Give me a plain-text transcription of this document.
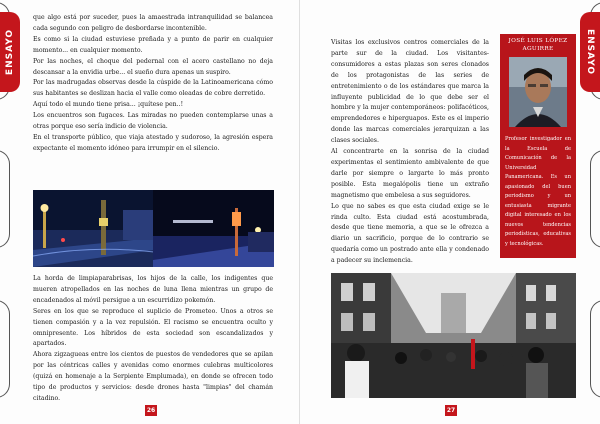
ENSAYO

que algo está por suceder, pues la amaestrada intranquilidad se balancea cada segundo con peligro de desbordarse incontenible.

Es como si la ciudad estuviese preñada y a punto de parir en cualquier momento... en cualquier momento.

Por las noches, el choque del pedernal con el acero castellano no deja descansar a la envidia urbe... el sueño dura apenas un suspiro.

Por las madrugadas observas desde la cúspide de la Latinoamericana cómo sus habitantes se deslizan hacia el valle como oleadas de cobre derretido.

Aquí todo el mundo tiene prisa... ¡quítese pen..!

Los encuentros son fugaces. Las miradas no pueden contemplarse unas a otras porque eso sería indicio de violencia.

En el transporte público, que viaja atestado y sudoroso, la agresión espera expectante el momento idóneo para irrumpir en el silencio.

La horda de limpiaparabrisas, los hijos de la calle, los indigentes que mueren atropellados en las noches de luna llena mientras un grupo de encadenados al móvil persigue a un escurridizo pokemón.

Seres en los que se reproduce el suplicio de Prometeo. Unos a otros se tienen compasión y a la vez repulsión. El racismo se encuentra oculto y omnipresente. Los híbridos de esta sociedad son escandalizados y apartados.

Ahora zigzagueas entre los cientos de puestos de vendedores que se apilan por las céntricas calles y avenidas como enormes culebras multicolores (quizá en homenaje a la Serpiente Emplumada), en donde se ofrecen todo tipo de productos y servicios: desde drones hasta "limpias" del chamán citadino.

26
ENSAYO

Visitas los exclusivos centros comerciales de la parte sur de la ciudad. Los visitantes-consumidores a estas plazas son seres clonados de los protagonistas de las series de entretenimiento o de los estándares que marca la influyente publicidad de lo que debe ser el hombre y la mujer contemporáneos: polifacéticos, emprendedores e hiperguapos. Este es el imperio donde las marcas comerciales jerarquizan a las clases sociales.

Al concentrarte en la sonrisa de la ciudad experimentas el sentimiento ambivalente de que darle por siempre o largarte lo más pronto posible. Esta megalópolis tiene un extraño magnetismo que embelesa a sus seguidores.

Lo que no sabes es que esta ciudad exige se le rinda culto. Esta ciudad está acostumbrada, desde que tiene memoria, a que se le ofrezca a diario un sacrificio, porque de lo contrario se quedaría como un postrado ante ella y condenado a padecer su inclemencia.

JOSÉ LUIS LÓPEZ AGUIRRE

Profesor investigador en la Escuela de Comunicación de la Universidad Panamericana. Es un apasionado del buen periodismo y un entusiasta migrante digital interesado en los nuevos tendencias periodísticas, educativas y tecnológicas.

27
